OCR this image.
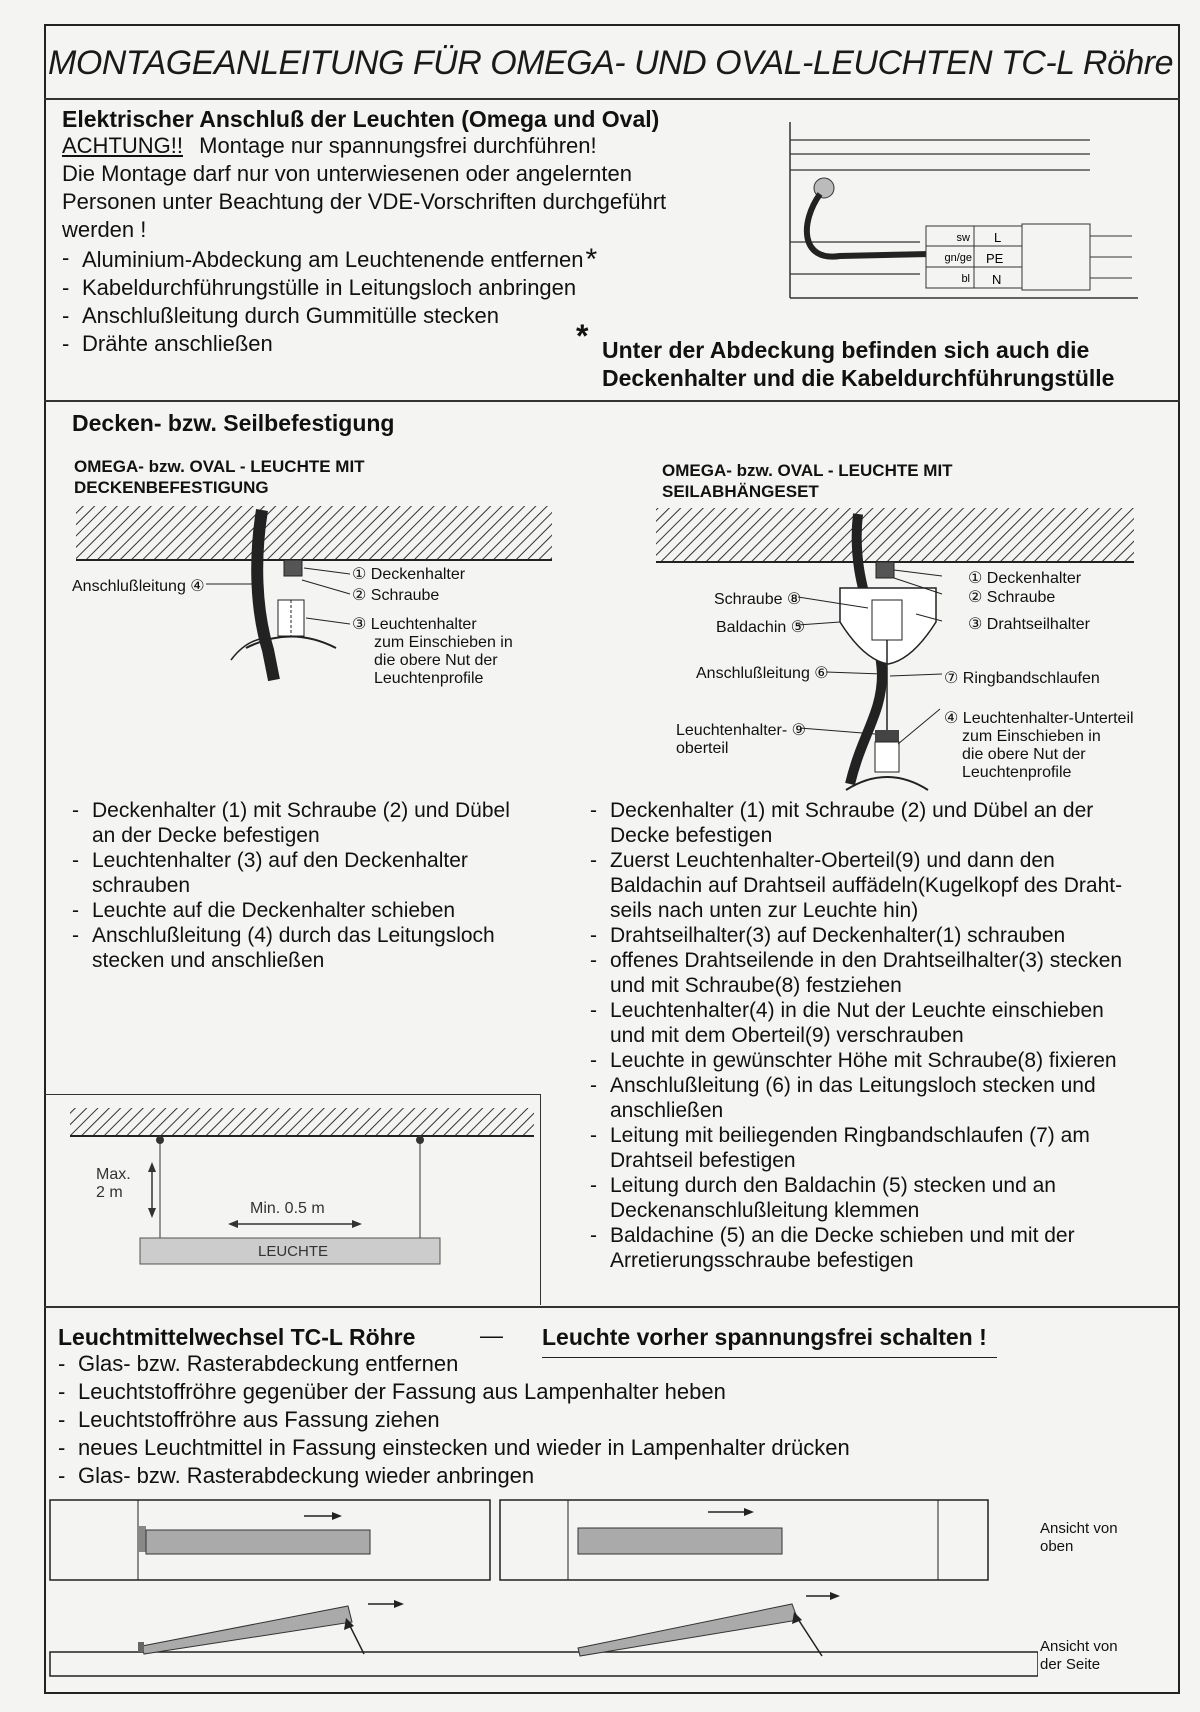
MONTAGEANLEITUNG FÜR OMEGA- UND OVAL-LEUCHTEN TC-L Röhre
Elektrischer Anschluß der Leuchten (Omega und Oval)
ACHTUNG!! Montage nur spannungsfrei durchführen!
Die Montage darf nur von unterwiesenen oder angelernten
Personen unter Beachtung der VDE-Vorschriften durchgeführt
werden !
- Aluminium-Abdeckung am Leuchtenende entfernen*
- Kabeldurchführungstülle in Leitungsloch anbringen
- Anschlußleitung durch Gummitülle stecken
- Drähte anschließen	* Unter der Abdeckung befinden sich auch die
Deckenhalter und die Kabeldurchführungstülle
sw
gn/ge
bl
L
PE
N
Decken- bzw. Seilbefestigung
OMEGA- bzw. OVAL - LEUCHTE MIT
DECKENBEFESTIGUNG
Anschlußleitung ④
① Deckenhalter
② Schraube
③ Leuchtenhalter
zum Einschieben in
die obere Nut der
Leuchtenprofile
OMEGA- bzw. OVAL - LEUCHTE MIT
SEILABHÄNGESET
① Deckenhalter
② Schraube
③ Drahtseilhalter
Schraube ⑧
Baldachin ⑤
Anschlußleitung ⑥	⑦ Ringbandschlaufen
Leuchtenhalter- ⑨
oberteil
④ Leuchtenhalter-Unterteil
zum Einschieben in
die obere Nut der
Leuchtenprofile
- Deckenhalter (1) mit Schraube (2) und Dübel
an der Decke befestigen
- Leuchtenhalter (3) auf den Deckenhalter
schrauben
- Leuchte auf die Deckenhalter schieben
- Anschlußleitung (4) durch das Leitungsloch
stecken und anschließen
- Deckenhalter (1) mit Schraube (2) und Dübel an der
Decke befestigen
- Zuerst Leuchtenhalter-Oberteil(9) und dann den
Baldachin auf Drahtseil auffädeln(Kugelkopf des Draht-
seils nach unten zur Leuchte hin)
- Drahtseilhalter(3) auf Deckenhalter(1) schrauben
- offenes Drahtseilende in den Drahtseilhalter(3) stecken
und mit Schraube(8) festziehen
- Leuchtenhalter(4) in die Nut der Leuchte einschieben
und mit dem Oberteil(9) verschrauben
- Leuchte in gewünschter Höhe mit Schraube(8) fixieren
- Anschlußleitung (6) in das Leitungsloch stecken und
anschließen
- Leitung mit beiliegenden Ringbandschlaufen (7) am
Drahtseil befestigen
- Leitung durch den Baldachin (5) stecken und an
Deckenanschlußleitung klemmen
- Baldachine (5) an die Decke schieben und mit der
Arretierungsschraube befestigen
Max.
2 m
Min. 0.5 m
LEUCHTE
Leuchtmittelwechsel TC-L Röhre	— Leuchte vorher spannungsfrei schalten !
- Glas- bzw. Rasterabdeckung entfernen
- Leuchtstoffröhre gegenüber der Fassung aus Lampenhalter heben
- Leuchtstoffröhre aus Fassung ziehen
- neues Leuchtmittel in Fassung einstecken und wieder in Lampenhalter drücken
- Glas- bzw. Rasterabdeckung wieder anbringen
Ansicht von
oben
Ansicht von
der Seite
